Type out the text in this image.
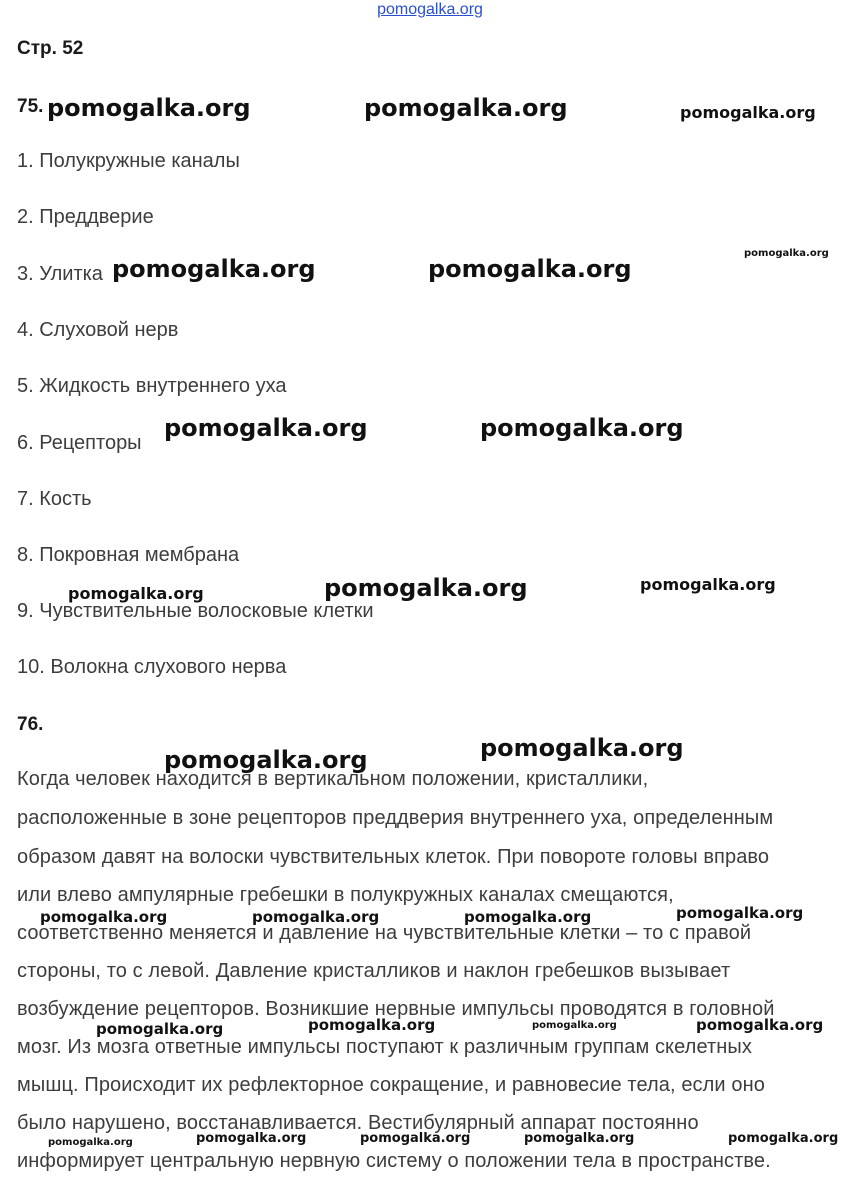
pomogalka.org
Стр. 52
75.
1. Полукружные каналы
2. Преддверие
3. Улитка
4. Слуховой нерв
5. Жидкость внутреннего уха
6. Рецепторы
7. Кость
8. Покровная мембрана
9. Чувствительные волосковые клетки
10. Волокна слухового нерва
76.
Когда человек находится в вертикальном положении, кристаллики,
расположенные в зоне рецепторов преддверия внутреннего уха, определенным
образом давят на волоски чувствительных клеток. При повороте головы вправо
или влево ампулярные гребешки в полукружных каналах смещаются,
соответственно меняется и давление на чувствительные клетки – то с правой
стороны, то с левой. Давление кристалликов и наклон гребешков вызывает
возбуждение рецепторов. Возникшие нервные импульсы проводятся в головной
мозг. Из мозга ответные импульсы поступают к различным группам скелетных
мышц. Происходит их рефлекторное сокращение, и равновесие тела, если оно
было нарушено, восстанавливается. Вестибулярный аппарат постоянно
информирует центральную нервную систему о положении тела в пространстве.
pomogalka.org	pomogalka.org	pomogalka.org
pomogalka.org
pomogalka.org	pomogalka.org
pomogalka.org	pomogalka.org
pomogalka.org	pomogalka.org	pomogalka.org
pomogalka.org	pomogalka.org
pomogalka.org	pomogalka.org	pomogalka.org	pomogalka.org
pomogalka.org	pomogalka.org	pomogalka.org	pomogalka.org
pomogalka.org	pomogalka.org	pomogalka.org	pomogalka.org	pomogalka.org
